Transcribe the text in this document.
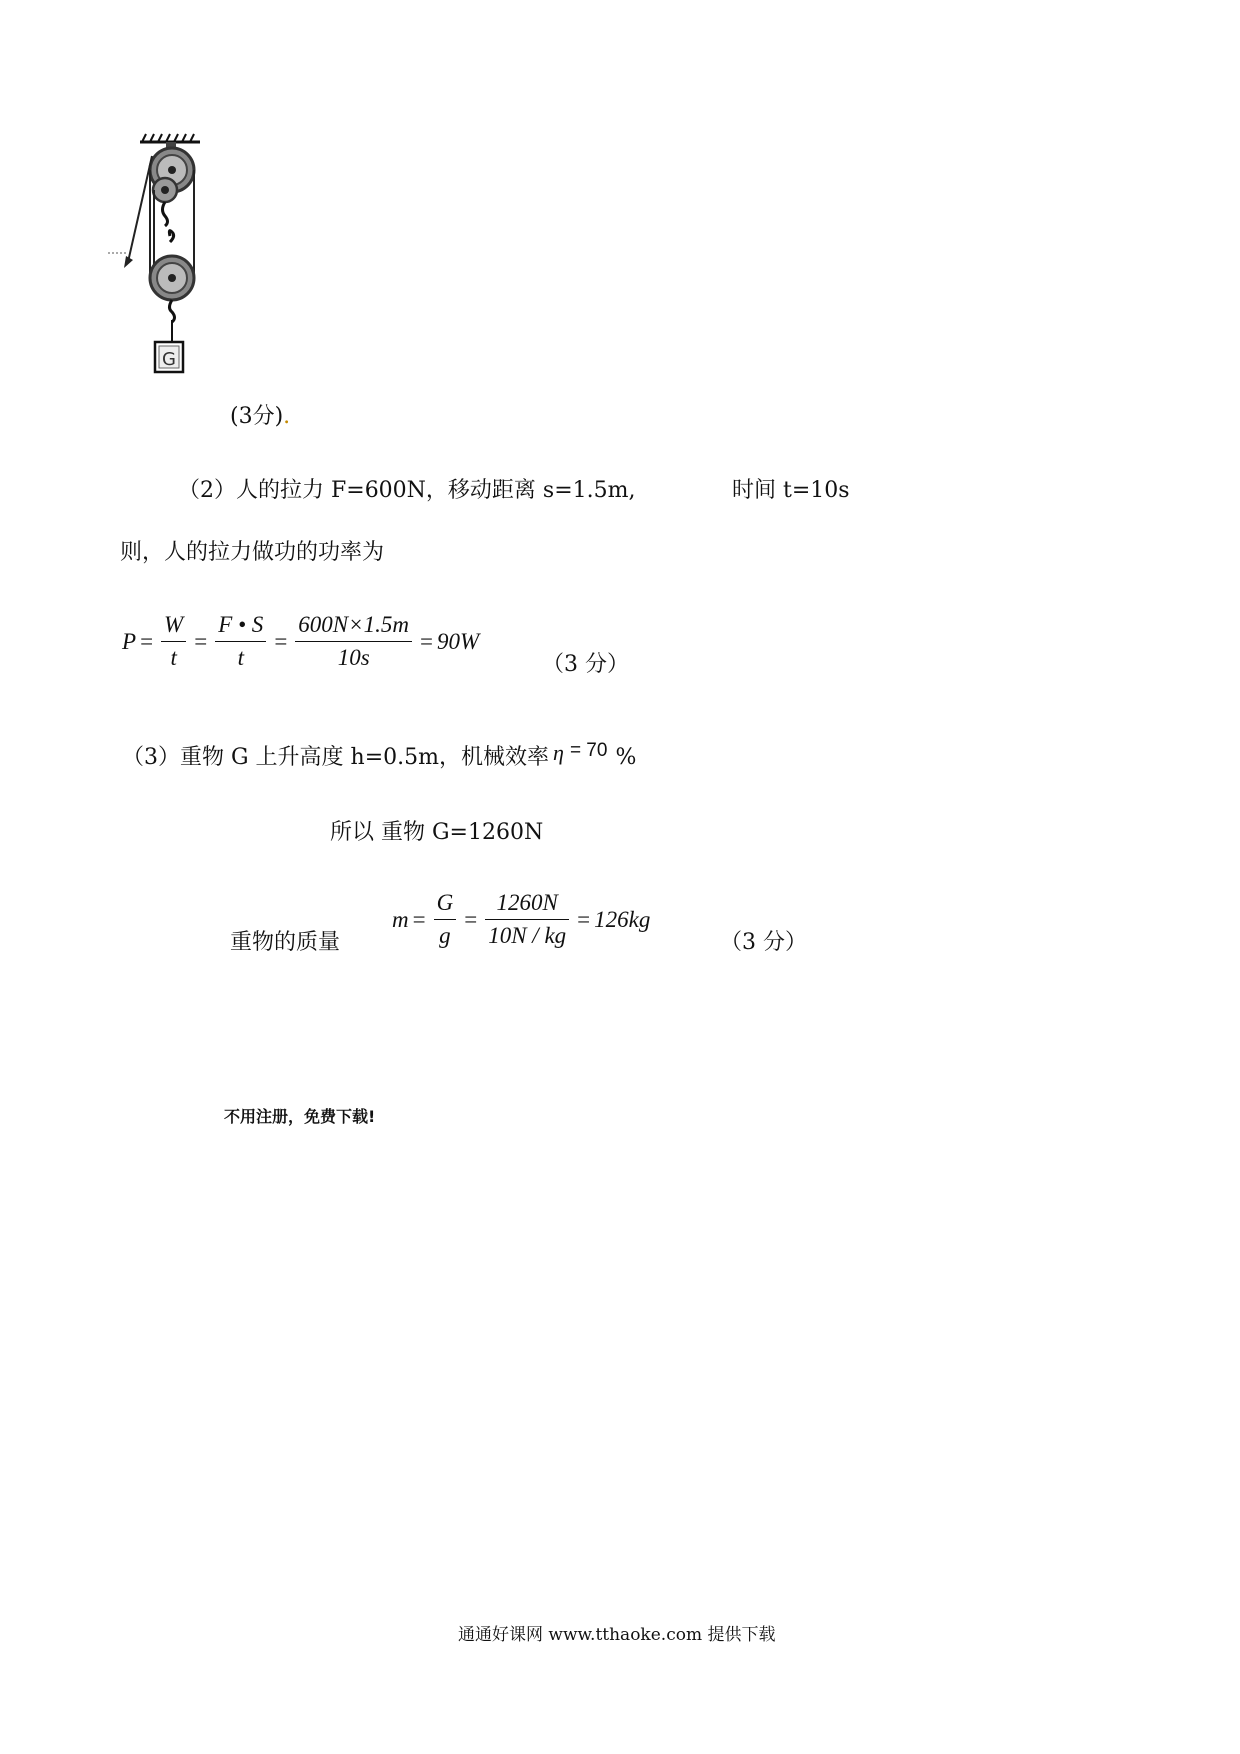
G
(3分).
（2）人的拉力 F=600N，移动距离 s=1.5m,	时间 t=10s
则，人的拉力做功的功率为
$P = \frac{W}{t} = \frac{F • S}{t} = \frac{600N\times 1.5m}{10s} = 90W$
（3 分）
（3）重物 G 上升高度 h=0.5m，机械效率 η = 70 %
所以 重物 G=1260N
重物的质量
$m = \frac{G}{g} = \frac{1260N}{10N / kg} = 126kg$
（3 分）
不用注册，免费下载!
通通好课网 www.tthaoke.com 提供下载
